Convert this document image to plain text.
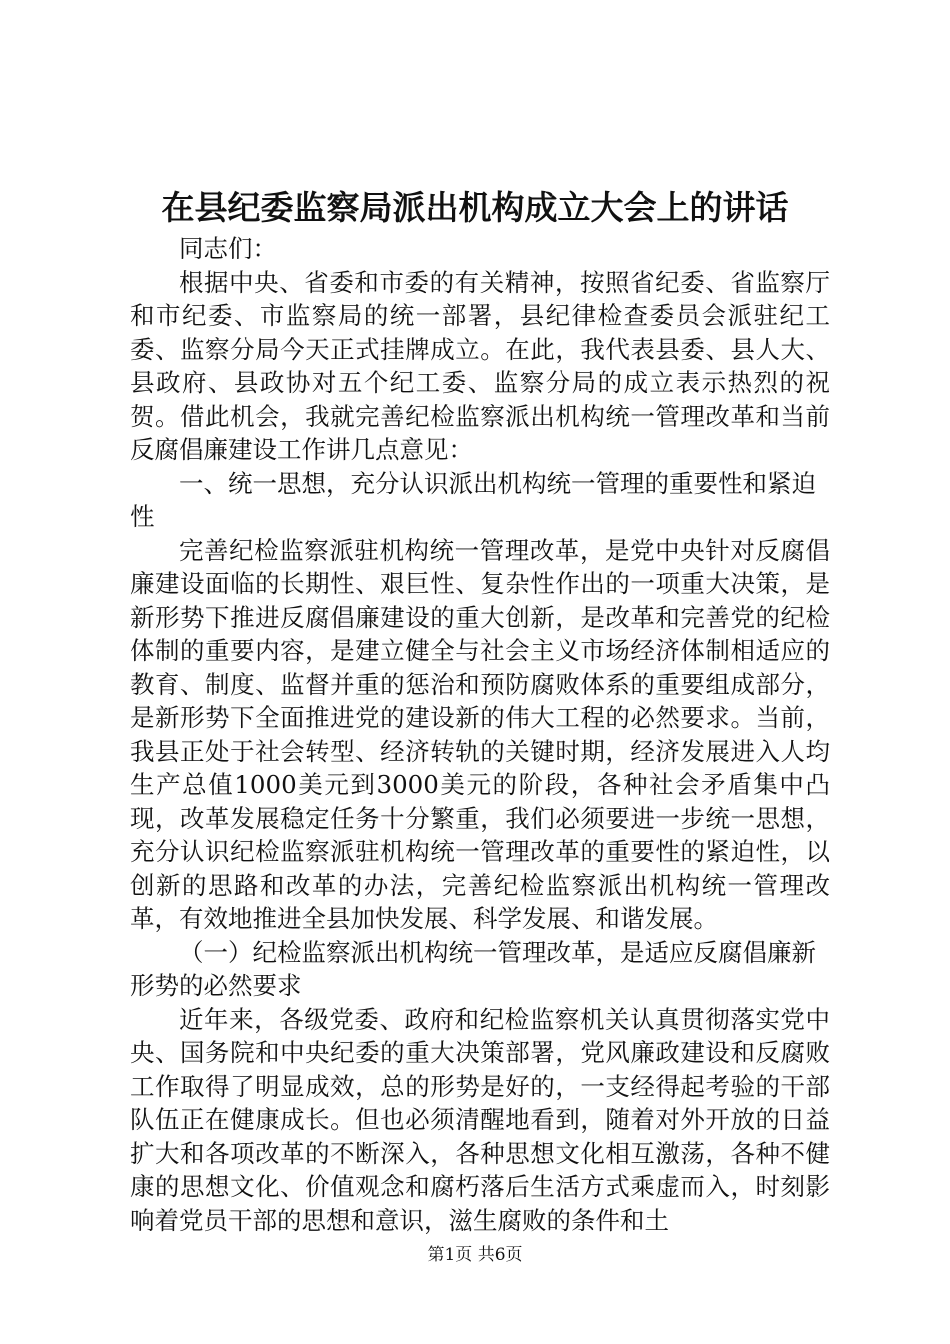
在县纪委监察局派出机构成立大会上的讲话

同志们：

根据中央、省委和市委的有关精神，按照省纪委、省监察厅和市纪委、市监察局的统一部署，县纪律检查委员会派驻纪工委、监察分局今天正式挂牌成立。在此，我代表县委、县人大、县政府、县政协对五个纪工委、监察分局的成立表示热烈的祝贺。借此机会，我就完善纪检监察派出机构统一管理改革和当前反腐倡廉建设工作讲几点意见：

一、统一思想，充分认识派出机构统一管理的重要性和紧迫性

完善纪检监察派驻机构统一管理改革，是党中央针对反腐倡廉建设面临的长期性、艰巨性、复杂性作出的一项重大决策，是新形势下推进反腐倡廉建设的重大创新，是改革和完善党的纪检体制的重要内容，是建立健全与社会主义市场经济体制相适应的教育、制度、监督并重的惩治和预防腐败体系的重要组成部分，是新形势下全面推进党的建设新的伟大工程的必然要求。当前，我县正处于社会转型、经济转轨的关键时期，经济发展进入人均生产总值1000美元到3000美元的阶段，各种社会矛盾集中凸现，改革发展稳定任务十分繁重，我们必须要进一步统一思想，充分认识纪检监察派驻机构统一管理改革的重要性的紧迫性，以创新的思路和改革的办法，完善纪检监察派出机构统一管理改革，有效地推进全县加快发展、科学发展、和谐发展。

（一）纪检监察派出机构统一管理改革，是适应反腐倡廉新形势的必然要求

近年来，各级党委、政府和纪检监察机关认真贯彻落实党中央、国务院和中央纪委的重大决策部署，党风廉政建设和反腐败工作取得了明显成效，总的形势是好的，一支经得起考验的干部队伍正在健康成长。但也必须清醒地看到，随着对外开放的日益扩大和各项改革的不断深入，各种思想文化相互激荡，各种不健康的思想文化、价值观念和腐朽落后生活方式乘虚而入，时刻影响着党员干部的思想和意识，滋生腐败的条件和土

第1页 共6页
